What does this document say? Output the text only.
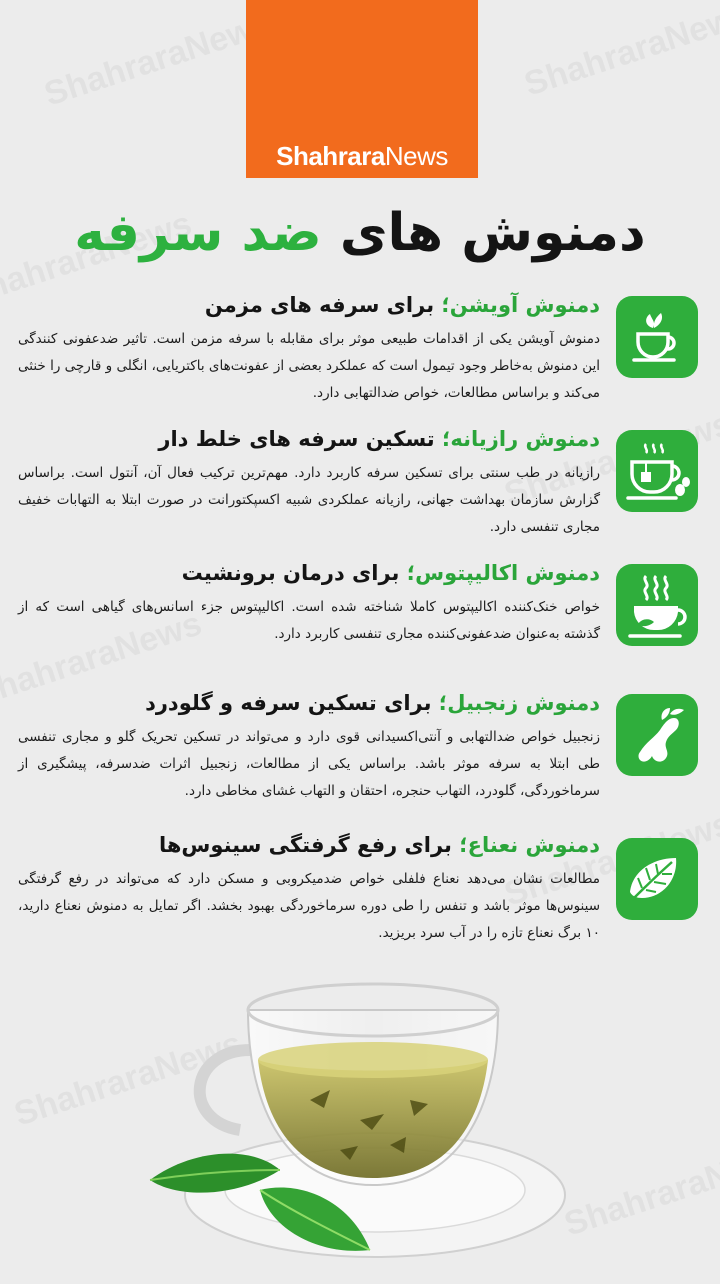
ShahraraNews
دمنوش های ضد سرفه
دمنوش آویشن؛ برای سرفه های مزمن
دمنوش آویشن یکی از اقدامات طبیعی موثر برای مقابله با سرفه مزمن است. تاثیر ضدعفونی کنندگی این دمنوش به‌خاطر وجود تیمول است که عملکرد بعضی از عفونت‌های باکتریایی، انگلی و قارچی را خنثی می‌کند و براساس مطالعات، خواص ضدالتهابی دارد.
دمنوش رازیانه؛ تسکین سرفه های خلط دار
رازیانه در طب سنتی برای تسکین سرفه کاربرد دارد. مهم‌ترین ترکیب فعال آن، آنتول است. براساس گزارش سازمان بهداشت جهانی، رازیانه عملکردی شبیه اکسپکتورانت در صورت ابتلا به التهابات خفیف مجاری تنفسی دارد.
دمنوش اکالیپتوس؛ برای درمان برونشیت
خواص خنک‌کننده اکالیپتوس کاملا شناخته شده است. اکالیپتوس جزء اسانس‌های گیاهی است که از گذشته به‌عنوان ضدعفونی‌کننده مجاری تنفسی کاربرد دارد.
دمنوش زنجبیل؛ برای تسکین سرفه و گلودرد
زنجبیل خواص ضدالتهابی و آنتی‌اکسیدانی قوی دارد و می‌تواند در تسکین تحریک گلو و مجاری تنفسی طی ابتلا به سرفه موثر باشد. براساس یکی از مطالعات، زنجبیل اثرات ضدسرفه، پیشگیری از سرماخوردگی، گلودرد، التهاب حنجره، احتقان و التهاب غشای مخاطی دارد.
دمنوش نعناع؛ برای رفع گرفتگی سینوس‌ها
مطالعات نشان می‌دهد نعناع فلفلی خواص ضدمیکروبی و مسکن دارد که می‌تواند در رفع گرفتگی سینوس‌ها موثر باشد و تنفس را طی دوره سرماخوردگی بهبود بخشد. اگر تمایل به دمنوش نعناع دارید، ۱۰ برگ نعناع تازه را در آب سرد بریزید.
